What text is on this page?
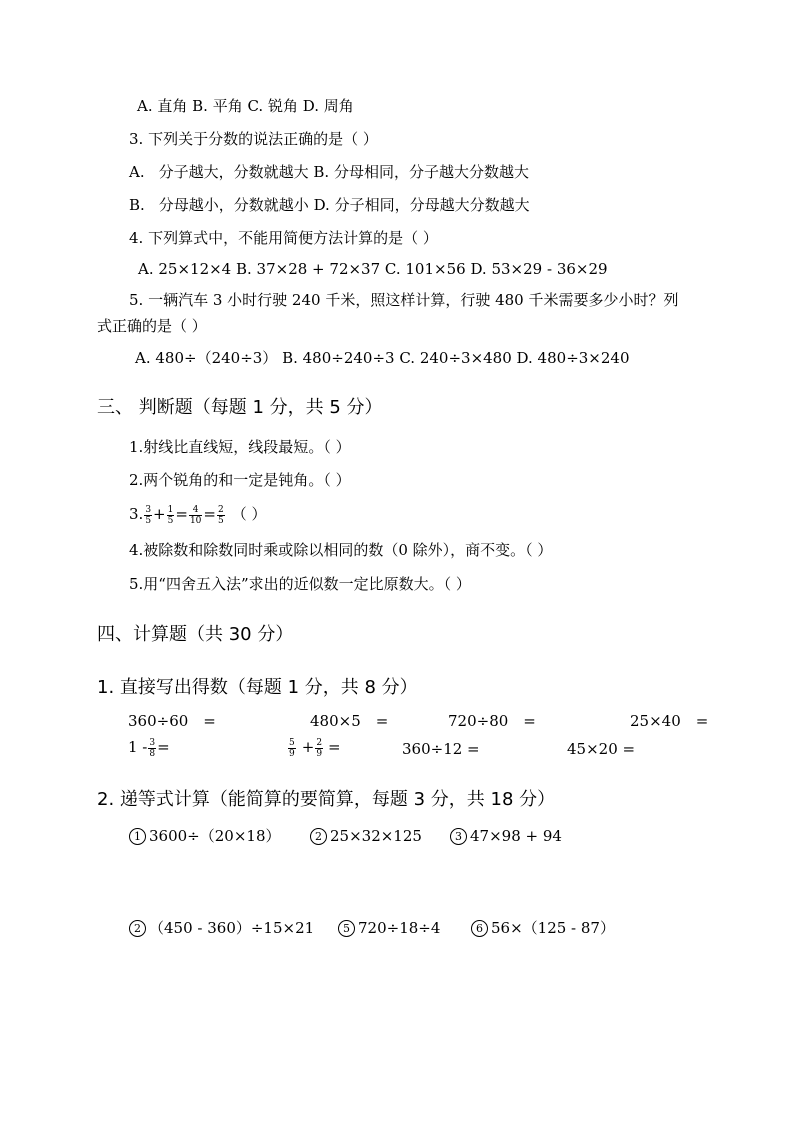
A. 直角 B. 平角 C. 锐角 D. 周角
3. 下列关于分数的说法正确的是（ ）
A. 分子越大，分数就越大 B. 分母相同，分子越大分数越大
B. 分母越小，分数就越小 D. 分子相同，分母越大分数越大
4. 下列算式中，不能用简便方法计算的是（ ）
A. 25×12×4 B. 37×28 + 72×37 C. 101×56 D. 53×29 - 36×29
5. 一辆汽车 3 小时行驶 240 千米，照这样计算，行驶 480 千米需要多少小时？列
式正确的是（ ）
A. 480÷（240÷3） B. 480÷240÷3 C. 240÷3×480 D. 480÷3×240
三、 判断题（每题 1 分，共 5 分）
1.射线比直线短，线段最短。（ ）
2.两个锐角的和一定是钝角。（ ）
3. $\frac{3}{5} + \frac{1}{5} = \frac{4}{10} = \frac{2}{5}$ （ ）
4.被除数和除数同时乘或除以相同的数（0 除外），商不变。（ ）
5.用“四舍五入法”求出的近似数一定比原数大。（ ）
四、计算题（共 30 分）
1. 直接写出得数（每题 1 分，共 8 分）
360÷60　=	480×5　=	720÷80　=	25×40　=
$1 - \frac{3}{8}$ =	$\frac{5}{9} + \frac{2}{9}$ =	360÷12 =	45×20 =
2. 递等式计算（能简算的要简算，每题 3 分，共 18 分）
1 3600÷（20×18）	2 25×32×125	3 47×98 + 94
2 （450 - 360）÷15×21	5 720÷18÷4	6 56×（125 - 87）
